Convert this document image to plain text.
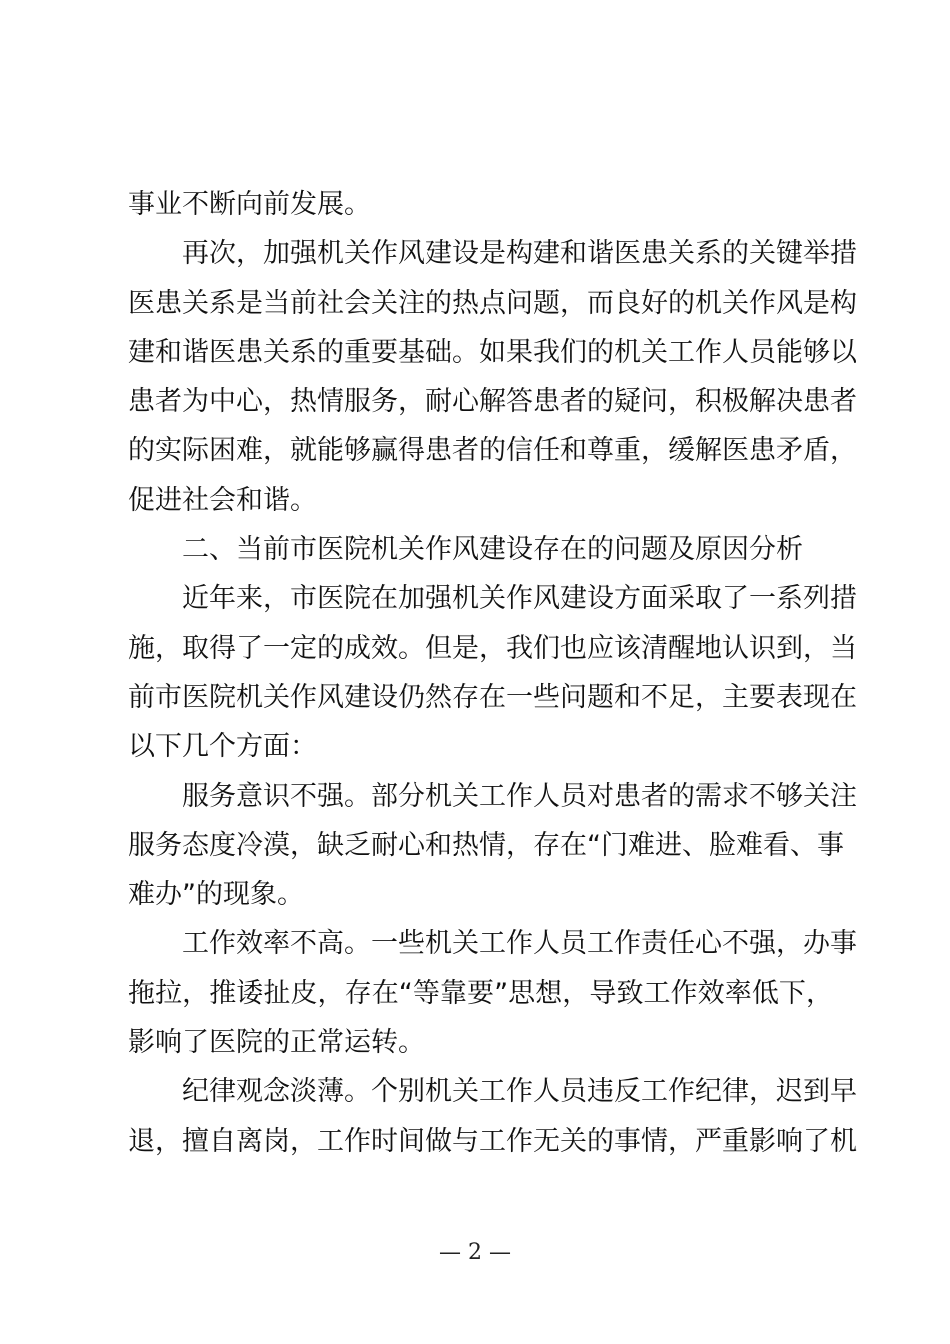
事业不断向前发展。
再次，加强机关作风建设是构建和谐医患关系的关键举措
医患关系是当前社会关注的热点问题，而良好的机关作风是构
建和谐医患关系的重要基础。如果我们的机关工作人员能够以
患者为中心，热情服务，耐心解答患者的疑问，积极解决患者
的实际困难，就能够赢得患者的信任和尊重，缓解医患矛盾，
促进社会和谐。
二、当前市医院机关作风建设存在的问题及原因分析
近年来，市医院在加强机关作风建设方面采取了一系列措
施，取得了一定的成效。但是，我们也应该清醒地认识到，当
前市医院机关作风建设仍然存在一些问题和不足，主要表现在
以下几个方面：
服务意识不强。部分机关工作人员对患者的需求不够关注
服务态度冷漠，缺乏耐心和热情，存在“门难进、脸难看、事
难办”的现象。
工作效率不高。一些机关工作人员工作责任心不强，办事
拖拉，推诿扯皮，存在“等靠要”思想，导致工作效率低下，
影响了医院的正常运转。
纪律观念淡薄。个别机关工作人员违反工作纪律，迟到早
退，擅自离岗，工作时间做与工作无关的事情，严重影响了机
— 2 —
